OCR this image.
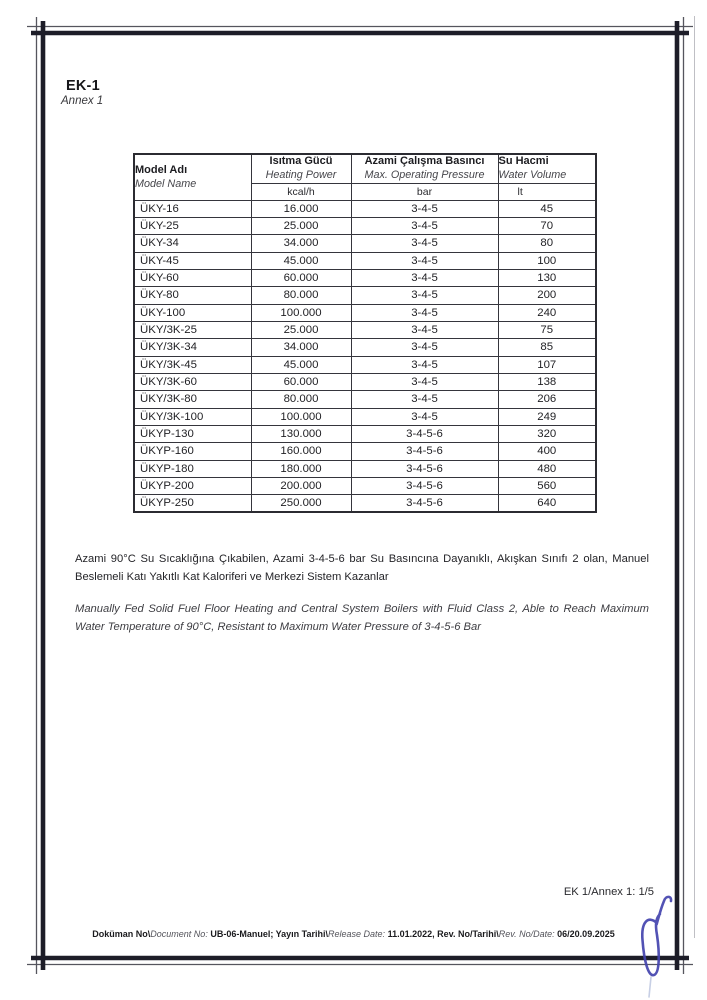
EK-1
Annex 1
Model Adı
Model Name

Isıtma Gücü
Heating Power

Azami Çalışma Basıncı
Max. Operating Pressure

Su Hacmi
Water Volume

	kcal/h	bar	lt
ÜKY-16	16.000	3-4-5	45
ÜKY-25	25.000	3-4-5	70
ÜKY-34	34.000	3-4-5	80
ÜKY-45	45.000	3-4-5	100
ÜKY-60	60.000	3-4-5	130
ÜKY-80	80.000	3-4-5	200
ÜKY-100	100.000	3-4-5	240
ÜKY/3K-25	25.000	3-4-5	75
ÜKY/3K-34	34.000	3-4-5	85
ÜKY/3K-45	45.000	3-4-5	107
ÜKY/3K-60	60.000	3-4-5	138
ÜKY/3K-80	80.000	3-4-5	206
ÜKY/3K-100	100.000	3-4-5	249
ÜKYP-130	130.000	3-4-5-6	320
ÜKYP-160	160.000	3-4-5-6	400
ÜKYP-180	180.000	3-4-5-6	480
ÜKYP-200	200.000	3-4-5-6	560
ÜKYP-250	250.000	3-4-5-6	640

Azami 90°C Su Sıcaklığına Çıkabilen, Azami 3-4-5-6 bar Su Basıncına Dayanıklı, Akışkan Sınıfı 2 olan, Manuel Beslemeli Katı Yakıtlı Kat Kaloriferi ve Merkezi Sistem Kazanlar

Manually Fed Solid Fuel Floor Heating and Central System Boilers with Fluid Class 2, Able to Reach Maximum Water Temperature of 90°C, Resistant to Maximum Water Pressure of 3-4-5-6 Bar

EK 1/Annex 1: 1/5
Doküman No\Document No: UB-06-Manuel; Yayın Tarihi\Release Date: 11.01.2022, Rev. No/Tarihi\Rev. No/Date: 06/20.09.2025
